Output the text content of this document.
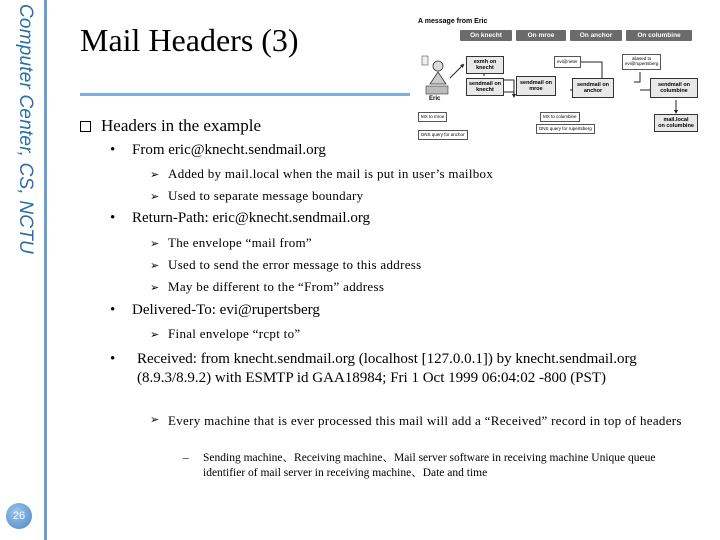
Computer Center, CS, NCTU
26
Mail Headers (3)
A message from Eric
On knecht	On mroe	On anchor	On columbine
exmh on
knecht
sendmail on
knecht
sendmail on
mroe
sendmail on
anchor
sendmail on
columbine
mail.local
on columbine
evi@rieter	aliased to
evi@rupertsberg
MX to mroe	MX to columbine
DNS query for anchor
DNS query for rupertsberg
Eric
Headers in the example
• From eric@knecht.sendmail.org
➢ Added by mail.local when the mail is put in user’s mailbox
➢ Used to separate message boundary
• Return-Path: eric@knecht.sendmail.org
➢ The envelope “mail from”
➢ Used to send the error message to this address
➢ May be different to the “From” address
• Delivered-To: evi@rupertsberg
➢ Final envelope “rcpt to”
• Received: from knecht.sendmail.org (localhost [127.0.0.1]) by knecht.sendmail.org (8.9.3/8.9.2) with ESMTP id GAA18984; Fri 1 Oct 1999 06:04:02 -800 (PST)
➢ Every machine that is ever processed this mail will add a “Received” record in top of headers
– Sending machine、Receiving machine、Mail server software in receiving machine Unique queue identifier of mail server in receiving machine、Date and time
